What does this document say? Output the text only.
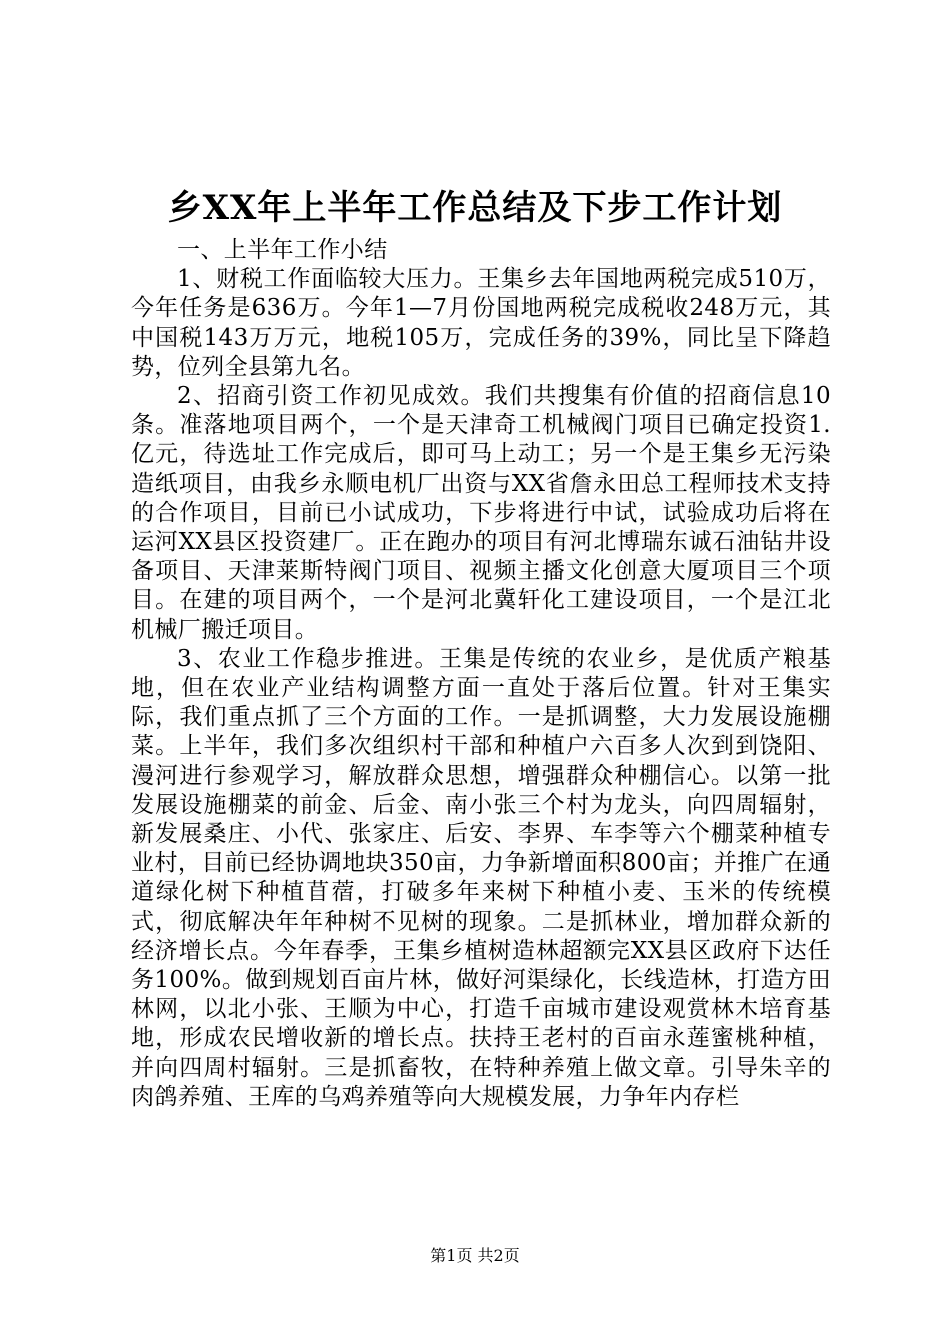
乡XX年上半年工作总结及下步工作计划

一、上半年工作小结

1、财税工作面临较大压力。王集乡去年国地两税完成510万，今年任务是636万。今年1—7月份国地两税完成税收248万元，其中国税143万万元，地税105万，完成任务的39%，同比呈下降趋势，位列全县第九名。

2、招商引资工作初见成效。我们共搜集有价值的招商信息10条。准落地项目两个，一个是天津奇工机械阀门项目已确定投资1.亿元，待选址工作完成后，即可马上动工；另一个是王集乡无污染造纸项目，由我乡永顺电机厂出资与XX省詹永田总工程师技术支持的合作项目，目前已小试成功，下步将进行中试，试验成功后将在运河XX县区投资建厂。正在跑办的项目有河北博瑞东诚石油钻井设备项目、天津莱斯特阀门项目、视频主播文化创意大厦项目三个项目。在建的项目两个，一个是河北冀轩化工建设项目，一个是江北机械厂搬迁项目。

3、农业工作稳步推进。王集是传统的农业乡，是优质产粮基地，但在农业产业结构调整方面一直处于落后位置。针对王集实际，我们重点抓了三个方面的工作。一是抓调整，大力发展设施棚菜。上半年，我们多次组织村干部和种植户六百多人次到到饶阳、漫河进行参观学习，解放群众思想，增强群众种棚信心。以第一批发展设施棚菜的前金、后金、南小张三个村为龙头，向四周辐射，新发展桑庄、小代、张家庄、后安、李界、车李等六个棚菜种植专业村，目前已经协调地块350亩，力争新增面积800亩；并推广在通道绿化树下种植苜蓿，打破多年来树下种植小麦、玉米的传统模式，彻底解决年年种树不见树的现象。二是抓林业，增加群众新的经济增长点。今年春季，王集乡植树造林超额完XX县区政府下达任务100%。做到规划百亩片林，做好河渠绿化，长线造林，打造方田林网，以北小张、王顺为中心，打造千亩城市建设观赏林木培育基地，形成农民增收新的增长点。扶持王老村的百亩永莲蜜桃种植，并向四周村辐射。三是抓畜牧，在特种养殖上做文章。引导朱辛的肉鸽养殖、王库的乌鸡养殖等向大规模发展，力争年内存栏

第1页 共2页
